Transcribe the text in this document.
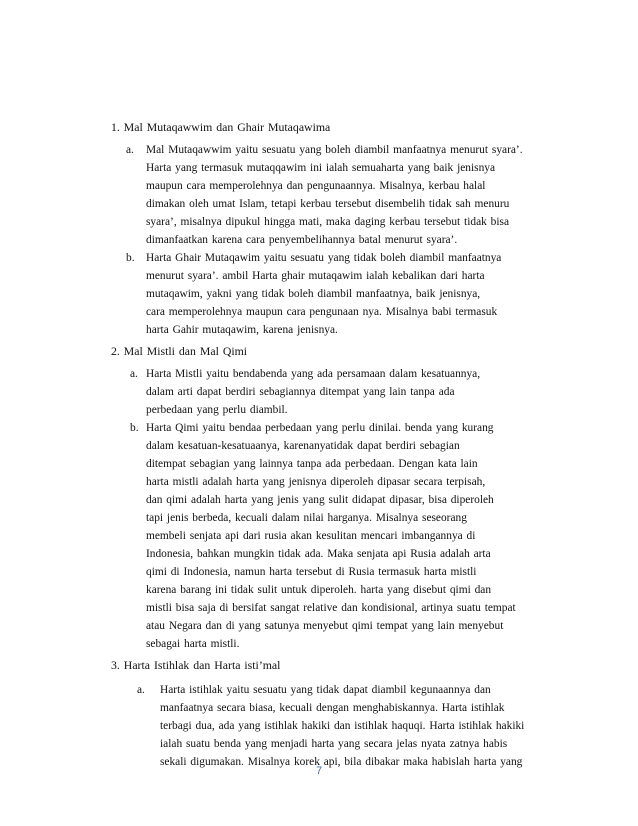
1. Mal Mutaqawwim dan Ghair Mutaqawima
a. Mal Mutaqawwim yaitu sesuatu yang boleh diambil manfaatnya menurut syara’.
Harta yang termasuk mutaqqawim ini ialah semuaharta yang baik jenisnya
maupun cara memperolehnya dan pengunaannya. Misalnya, kerbau halal
dimakan oleh umat Islam, tetapi kerbau tersebut disembelih tidak sah menuru
syara’, misalnya dipukul hingga mati, maka daging kerbau tersebut tidak bisa
dimanfaatkan karena cara penyembelihannya batal menurut syara’.
b. Harta Ghair Mutaqawim yaitu sesuatu yang tidak boleh diambil manfaatnya
menurut syara’. ambil Harta ghair mutaqawim ialah kebalikan dari harta
mutaqawim, yakni yang tidak boleh diambil manfaatnya, baik jenisnya,
cara memperolehnya maupun cara pengunaan nya. Misalnya babi termasuk
harta Gahir mutaqawim, karena jenisnya.
2. Mal Mistli dan Mal Qimi
a. Harta Mistli yaitu bendabenda yang ada persamaan dalam kesatuannya,
dalam arti dapat berdiri sebagiannya ditempat yang lain tanpa ada
perbedaan yang perlu diambil.
b. Harta Qimi yaitu bendaa perbedaan yang perlu dinilai. benda yang kurang
dalam kesatuan-kesatuaanya, karenanyatidak dapat berdiri sebagian
ditempat sebagian yang lainnya tanpa ada perbedaan. Dengan kata lain
harta mistli adalah harta yang jenisnya diperoleh dipasar secara terpisah,
dan qimi adalah harta yang jenis yang sulit didapat dipasar, bisa diperoleh
tapi jenis berbeda, kecuali dalam nilai harganya. Misalnya seseorang
membeli senjata api dari rusia akan kesulitan mencari imbangannya di
Indonesia, bahkan mungkin tidak ada. Maka senjata api Rusia adalah arta
qimi di Indonesia, namun harta tersebut di Rusia termasuk harta mistli
karena barang ini tidak sulit untuk diperoleh. harta yang disebut qimi dan
mistli bisa saja di bersifat sangat relative dan kondisional, artinya suatu tempat
atau Negara dan di yang satunya menyebut qimi tempat yang lain menyebut
sebagai harta mistli.
3. Harta Istihlak dan Harta isti’mal
a. Harta istihlak yaitu sesuatu yang tidak dapat diambil kegunaannya dan
manfaatnya secara biasa, kecuali dengan menghabiskannya. Harta istihlak
terbagi dua, ada yang istihlak hakiki dan istihlak haquqi. Harta istihlak hakiki
ialah suatu benda yang menjadi harta yang secara jelas nyata zatnya habis
sekali digumakan. Misalnya korek api, bila dibakar maka habislah harta yang
7
